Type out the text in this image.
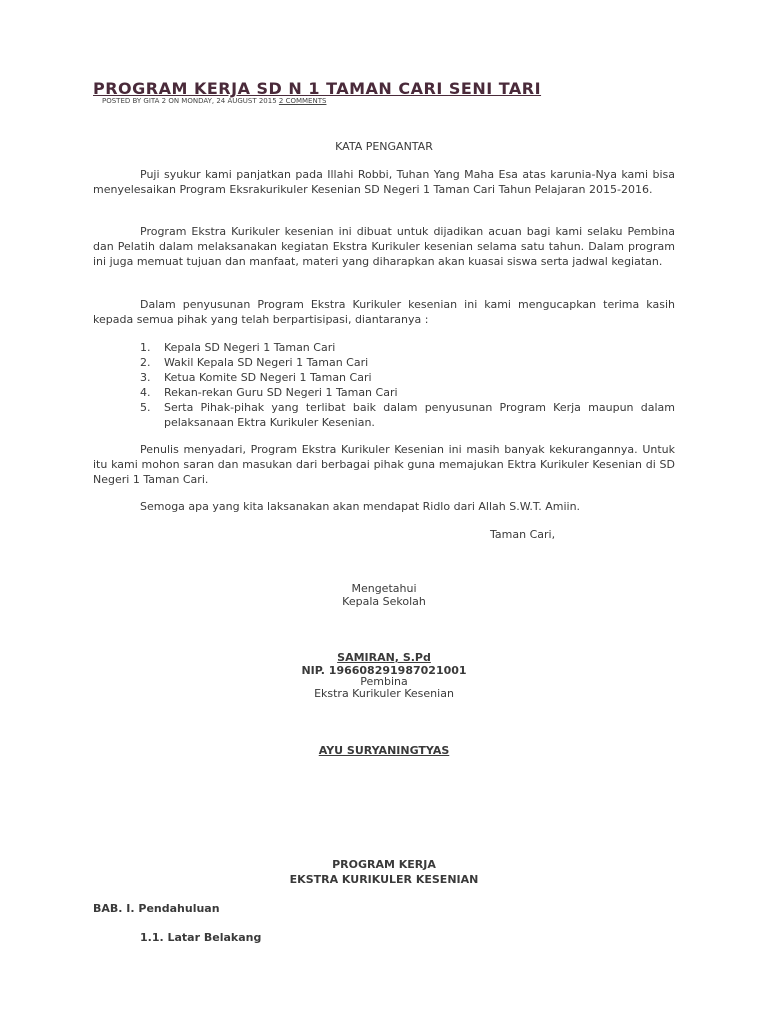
PROGRAM KERJA SD N 1 TAMAN CARI SENI TARI
POSTED BY GITA 2 ON MONDAY, 24 AUGUST 2015 2 COMMENTS
KATA PENGANTAR

Puji syukur kami panjatkan pada Illahi Robbi, Tuhan Yang Maha Esa atas karunia-Nya kami bisa menyelesaikan Program Eksrakurikuler Kesenian SD Negeri 1 Taman Cari Tahun Pelajaran 2015-2016.

Program Ekstra Kurikuler kesenian ini dibuat untuk dijadikan acuan bagi kami selaku Pembina dan Pelatih dalam melaksanakan kegiatan Ekstra Kurikuler kesenian selama satu tahun. Dalam program ini juga memuat tujuan dan manfaat, materi yang diharapkan akan kuasai siswa serta jadwal kegiatan.

Dalam penyusunan Program Ekstra Kurikuler kesenian ini kami mengucapkan terima kasih kepada semua pihak yang telah berpartisipasi, diantaranya :

1. Kepala SD Negeri 1 Taman Cari
2. Wakil Kepala SD Negeri 1 Taman Cari
3. Ketua Komite SD Negeri 1 Taman Cari
4. Rekan-rekan Guru SD Negeri 1 Taman Cari
5. Serta Pihak-pihak yang terlibat baik dalam penyusunan Program Kerja maupun dalam pelaksanaan Ektra Kurikuler Kesenian.

Penulis menyadari, Program Ekstra Kurikuler Kesenian ini masih banyak kekurangannya. Untuk itu kami mohon saran dan masukan dari berbagai pihak guna memajukan Ektra Kurikuler Kesenian di SD Negeri 1 Taman Cari.

Semoga apa yang kita laksanakan akan mendapat Ridlo dari Allah S.W.T. Amiin.

Taman Cari,
Mengetahui
Kepala Sekolah
SAMIRAN, S.Pd
NIP. 196608291987021001
Pembina
Ekstra Kurikuler Kesenian
AYU SURYANINGTYAS
PROGRAM KERJA
EKSTRA KURIKULER KESENIAN
BAB. I. Pendahuluan
1.1. Latar Belakang
